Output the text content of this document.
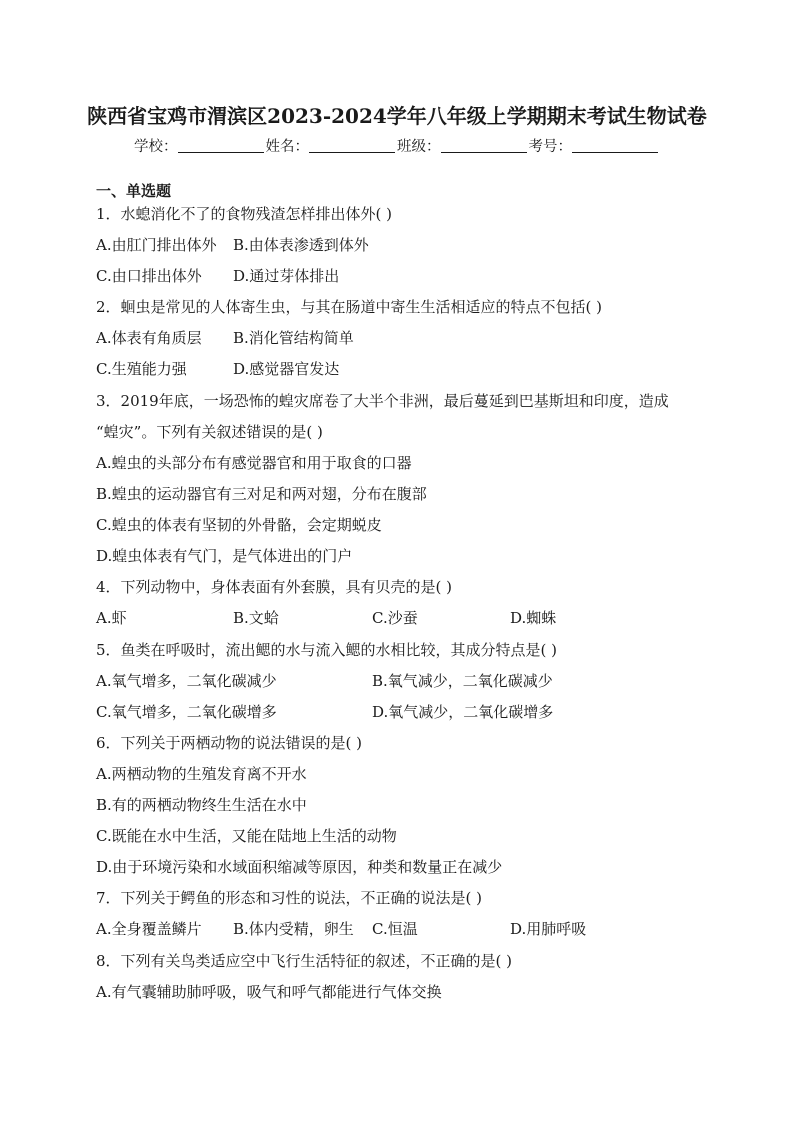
陕西省宝鸡市渭滨区2023-2024学年八年级上学期期末考试生物试卷
学校：	姓名：	班级：	考号：
一、单选题
1．水螅消化不了的食物残渣怎样排出体外( )
A.由肛门排出体外 B.由体表渗透到体外
C.由口排出体外 D.通过芽体排出
2．蛔虫是常见的人体寄生虫，与其在肠道中寄生生活相适应的特点不包括( )
A.体表有角质层 B.消化管结构简单
C.生殖能力强	D.感觉器官发达
3．2019年底，一场恐怖的蝗灾席卷了大半个非洲，最后蔓延到巴基斯坦和印度，造成
“蝗灾”。下列有关叙述错误的是( )
A.蝗虫的头部分布有感觉器官和用于取食的口器
B.蝗虫的运动器官有三对足和两对翅，分布在腹部
C.蝗虫的体表有坚韧的外骨骼，会定期蜕皮
D.蝗虫体表有气门，是气体进出的门户
4．下列动物中，身体表面有外套膜，具有贝壳的是( )
A.虾	B.文蛤	C.沙蚕	D.蜘蛛
5．鱼类在呼吸时，流出鳃的水与流入鳃的水相比较，其成分特点是( )
A.氧气增多，二氧化碳减少	B.氧气减少，二氧化碳减少
C.氧气增多，二氧化碳增多	D.氧气减少，二氧化碳增多
6．下列关于两栖动物的说法错误的是( )
A.两栖动物的生殖发育离不开水
B.有的两栖动物终生生活在水中
C.既能在水中生活，又能在陆地上生活的动物
D.由于环境污染和水域面积缩减等原因，种类和数量正在减少
7．下列关于鳄鱼的形态和习性的说法，不正确的说法是( )
A.全身覆盖鳞片 B.体内受精，卵生 C.恒温	D.用肺呼吸
8．下列有关鸟类适应空中飞行生活特征的叙述，不正确的是( )
A.有气囊辅助肺呼吸，吸气和呼气都能进行气体交换
